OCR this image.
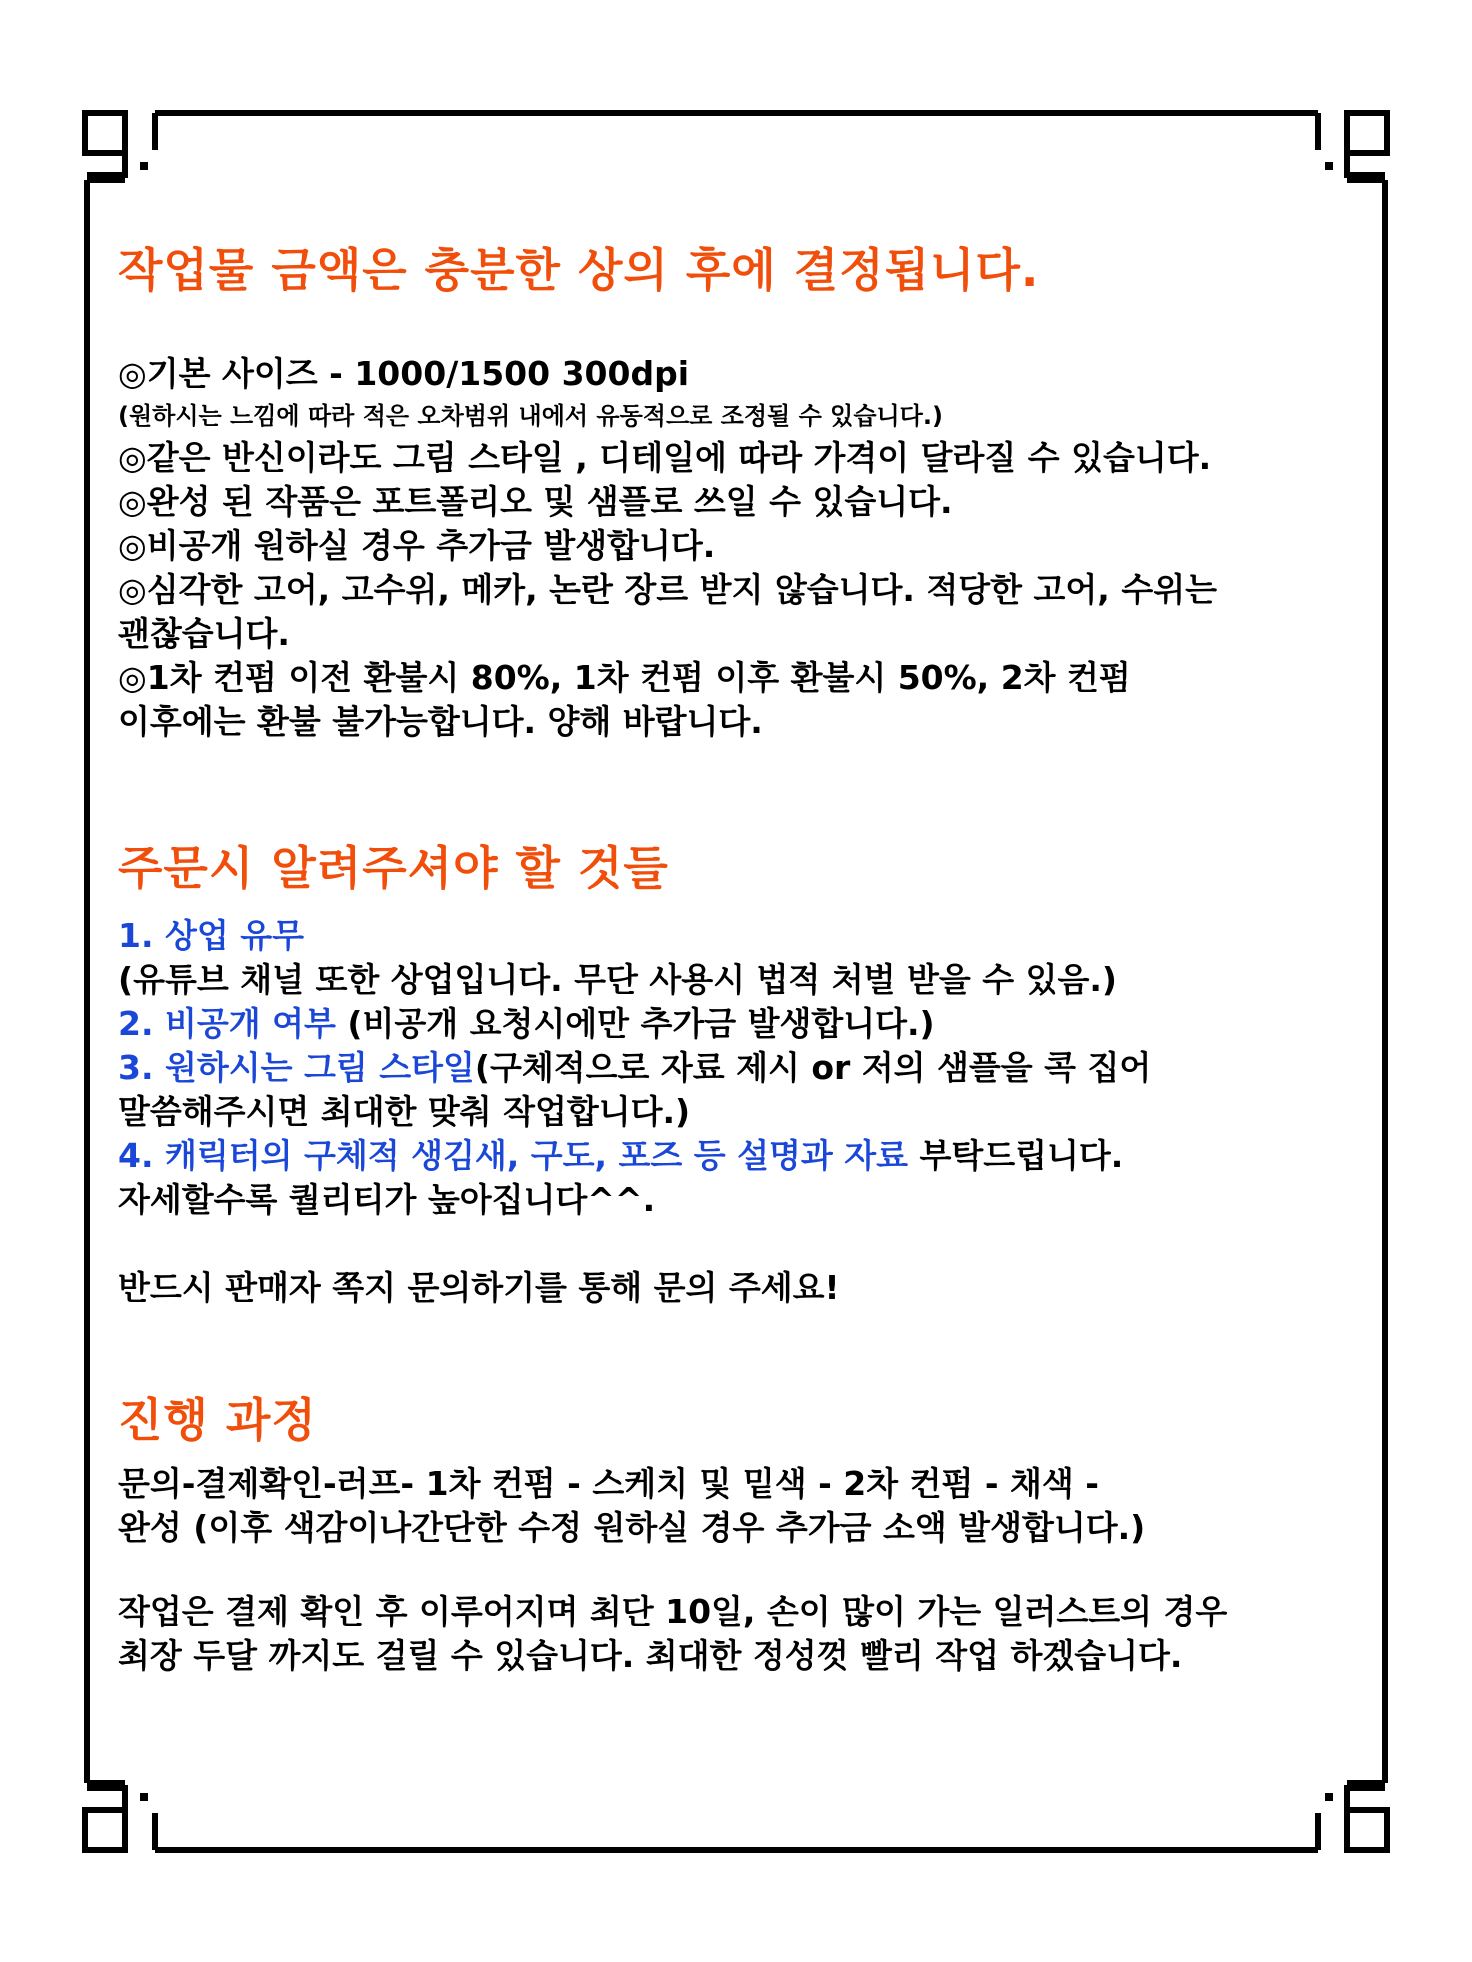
작업물 금액은 충분한 상의 후에 결정됩니다.
◎기본 사이즈 - 1000/1500 300dpi
(원하시는 느낌에 따라 적은 오차범위 내에서 유동적으로 조정될 수 있습니다.)
◎같은 반신이라도 그림 스타일 , 디테일에 따라 가격이 달라질 수 있습니다.
◎완성 된 작품은 포트폴리오 및 샘플로 쓰일 수 있습니다.
◎비공개 원하실 경우 추가금 발생합니다.
◎심각한 고어, 고수위, 메카, 논란 장르 받지 않습니다. 적당한 고어, 수위는
괜찮습니다.
◎1차 컨펌 이전 환불시 80%, 1차 컨펌 이후 환불시 50%, 2차 컨펌
이후에는 환불 불가능합니다. 양해 바랍니다.
주문시 알려주셔야 할 것들
1. 상업 유무
(유튜브 채널 또한 상업입니다. 무단 사용시 법적 처벌 받을 수 있음.)
2. 비공개 여부 (비공개 요청시에만 추가금 발생합니다.)
3. 원하시는 그림 스타일(구체적으로 자료 제시 or 저의 샘플을 콕 집어
말씀해주시면 최대한 맞춰 작업합니다.)
4. 캐릭터의 구체적 생김새, 구도, 포즈 등 설명과 자료 부탁드립니다.
자세할수록 퀄리티가 높아집니다^^.
반드시 판매자 쪽지 문의하기를 통해 문의 주세요!
진행 과정
문의-결제확인-러프- 1차 컨펌 - 스케치 및 밑색 - 2차 컨펌 - 채색 -
완성 (이후 색감이나간단한 수정 원하실 경우 추가금 소액 발생합니다.)
작업은 결제 확인 후 이루어지며 최단 10일, 손이 많이 가는 일러스트의 경우
최장 두달 까지도 걸릴 수 있습니다. 최대한 정성껏 빨리 작업 하겠습니다.
